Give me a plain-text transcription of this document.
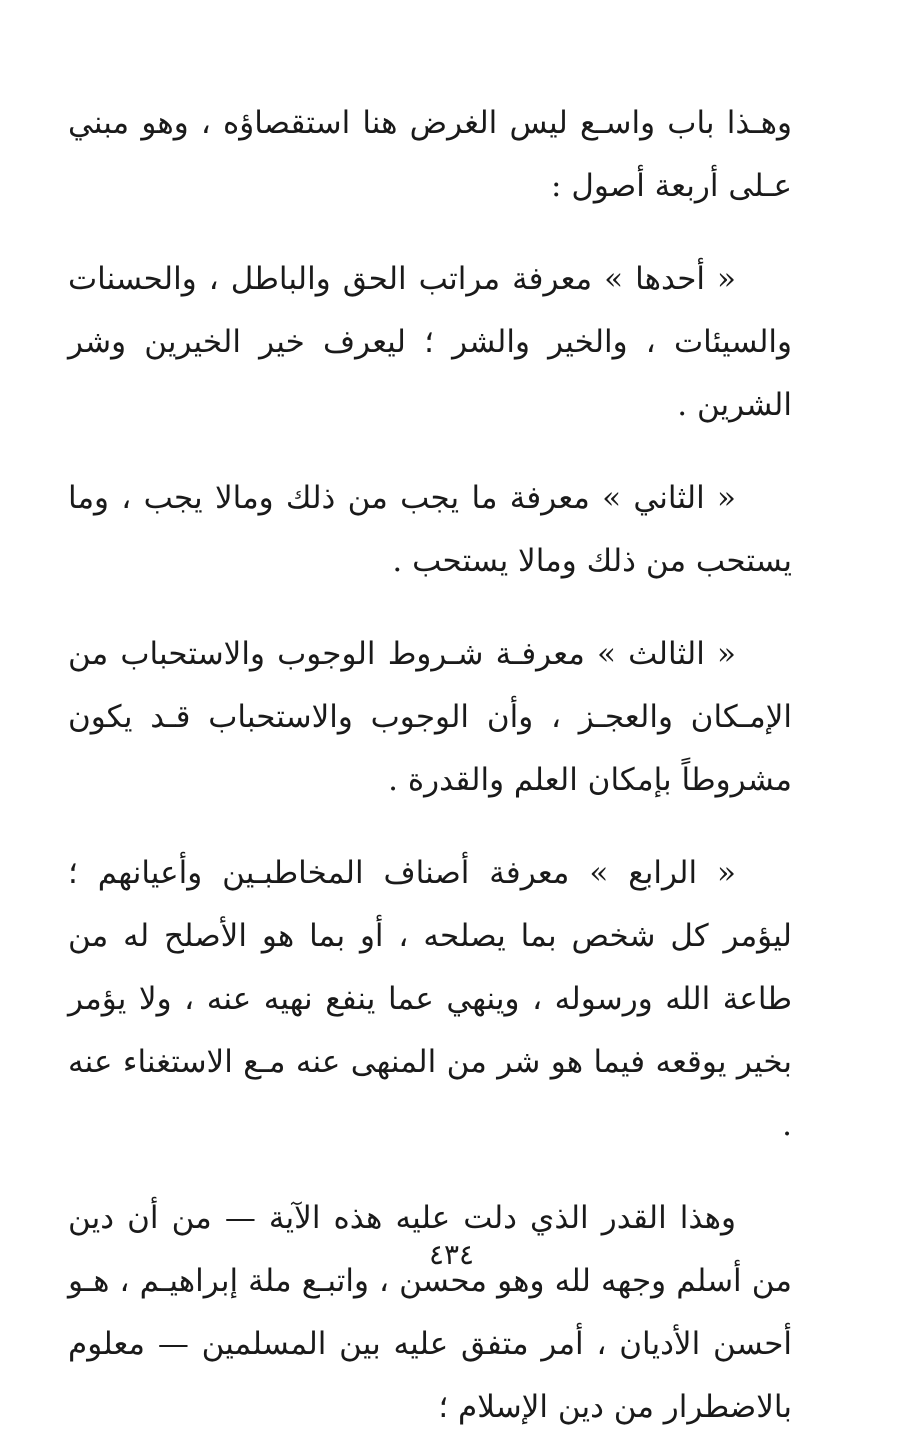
وهـذا باب واسـع ليس الغرض هنا استقصاؤه ، وهو مبني عـلى أربعة أصول :

« أحدها » معرفة مراتب الحق والباطل ، والحسنات والسيئات ، والخير والشر ؛ ليعرف خير الخيرين وشر الشرين .

« الثاني » معرفة ما يجب من ذلك ومالا يجب ، وما يستحب من ذلك ومالا يستحب .

« الثالث » معرفـة شـروط الوجوب والاستحباب من الإمـكان والعجـز ، وأن الوجوب والاستحباب قـد يكون مشروطاً بإمكان العلم والقدرة .

« الرابع » معرفة أصناف المخاطبـين وأعيانهم ؛ ليؤمر كل شخص بما يصلحه ، أو بما هو الأصلح له من طاعة الله ورسوله ، وينهي عما ينفع نهيه عنه ، ولا يؤمر بخير يوقعه فيما هو شر من المنهى عنه مـع الاستغناء عنه .

وهذا القدر الذي دلت عليه هذه الآية — من أن دين من أسلم وجهه لله وهو محسن ، واتبـع ملة إبراهيـم ، هـو أحسن الأديان ، أمر متفق عليه بين المسلمين — معلوم بالاضطرار من دين الإسلام ؛

٤٣٤
